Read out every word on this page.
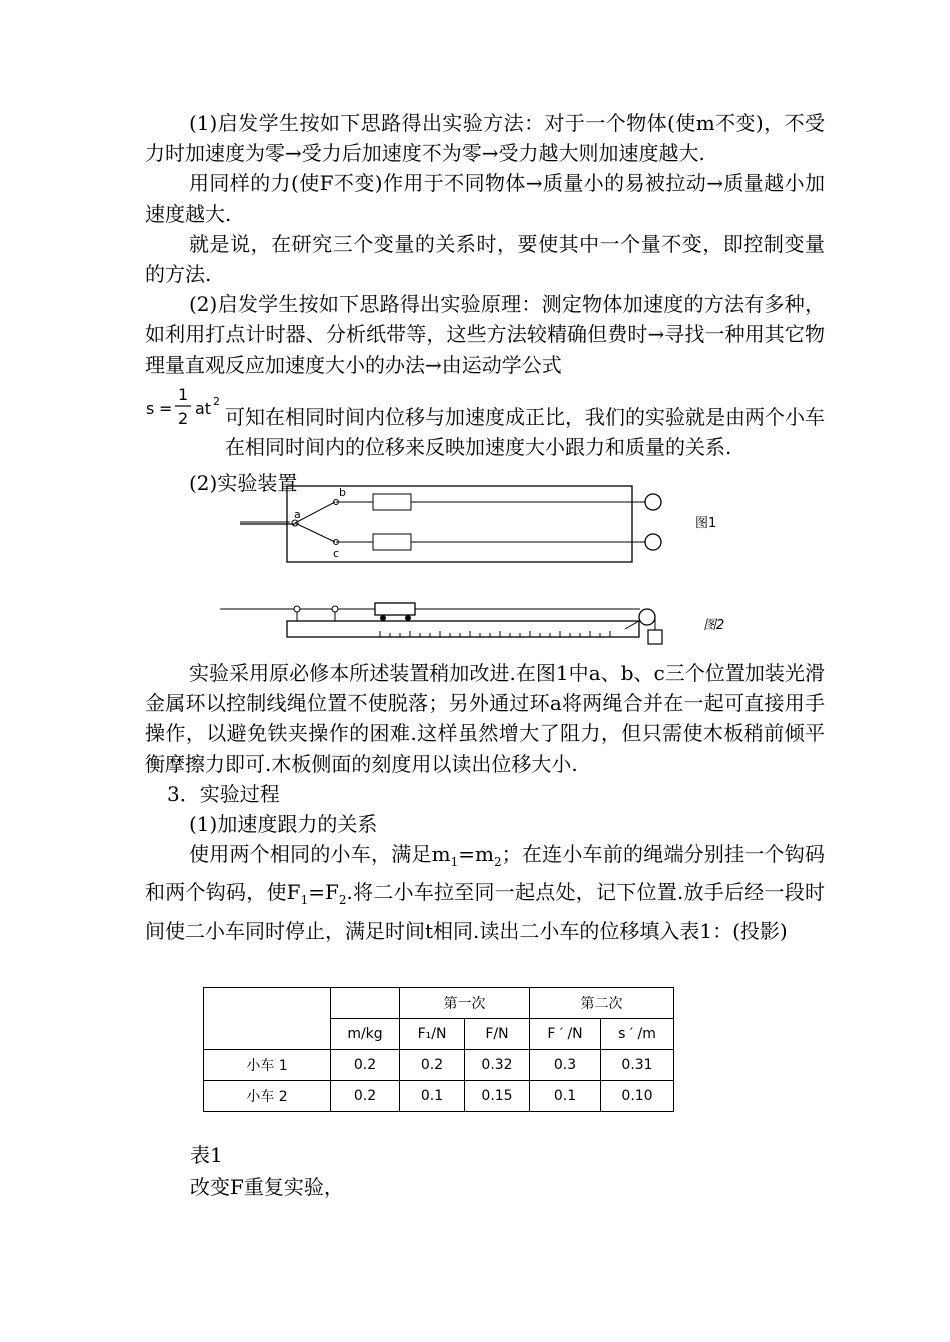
(1)启发学生按如下思路得出实验方法：对于一个物体(使m不变)，不受力时加速度为零→受力后加速度不为零→受力越大则加速度越大.

用同样的力(使F不变)作用于不同物体→质量小的易被拉动→质量越小加速度越大.

就是说，在研究三个变量的关系时，要使其中一个量不变，即控制变量的方法.

(2)启发学生按如下思路得出实验原理：测定物体加速度的方法有多种，如利用打点计时器、分析纸带等，这些方法较精确但费时→寻找一种用其它物理量直观反应加速度大小的办法→由运动学公式

s =
1
2
at 2
可知在相同时间内位移与加速度成正比，我们的实验就是由两个小车在相同时间内的位移来反映加速度大小跟力和质量的关系.

(2)实验装置

a
b
c
图1
图2

实验采用原必修本所述装置稍加改进.在图1中a、b、c三个位置加装光滑金属环以控制线绳位置不使脱落；另外通过环a将两绳合并在一起可直接用手操作，以避免铁夹操作的困难.这样虽然增大了阻力，但只需使木板稍前倾平衡摩擦力即可.木板侧面的刻度用以读出位移大小.

3．实验过程

(1)加速度跟力的关系

使用两个相同的小车，满足$m_1=m_2$；在连小车前的绳端分别挂一个钩码和两个钩码，使$F_1=F_2$.将二小车拉至同一起点处，记下位置.放手后经一段时间使二小车同时停止，满足时间t相同.读出二小车的位移填入表1：(投影)

		第一次		第二次	
	m/kg	F₁/N	F/N	F ′ /N	s ′ /m
小车 1	0.2	0.2	0.32	0.3	0.31
小车 2	0.2	0.1	0.15	0.1	0.10

表1

改变F重复实验，
